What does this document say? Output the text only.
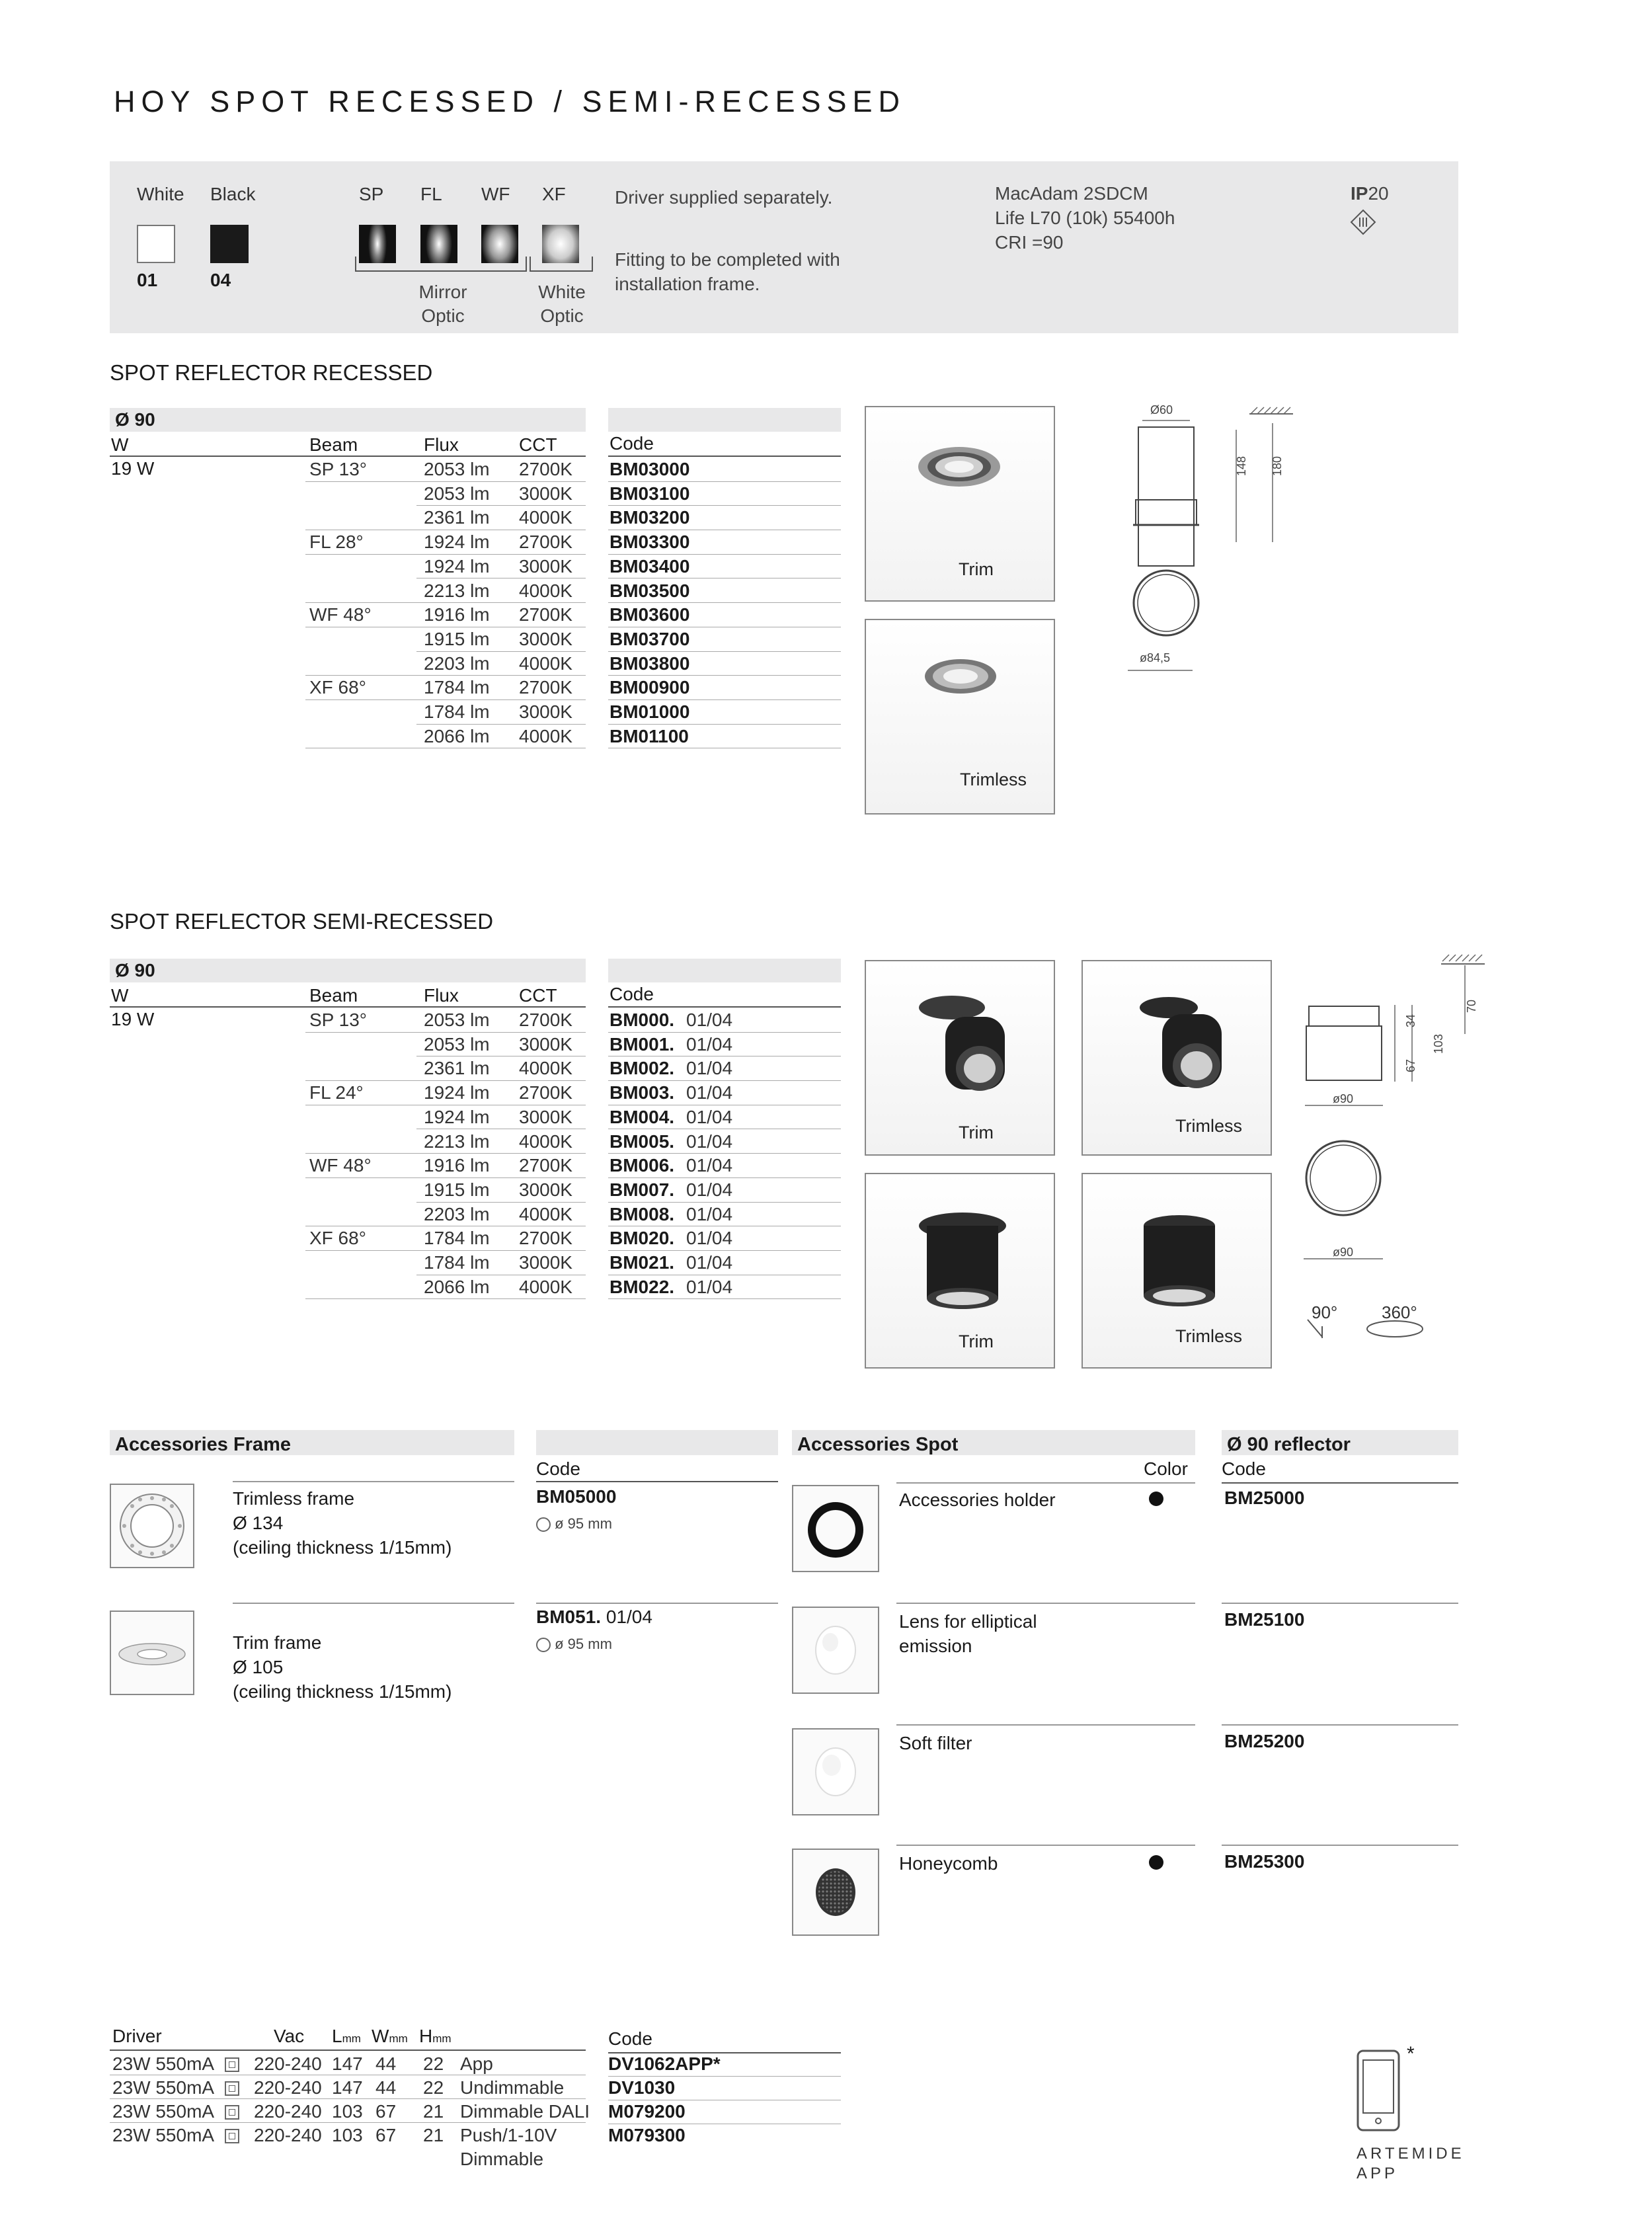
HOY SPOT RECESSED / SEMI-RECESSED
White Black
01	04
SP FL WF XF
Mirror
Optic
White
Optic
Driver supplied separately.
Fitting to be completed with
installation frame.
MacAdam 2SDCM
Life L70 (10k) 55400h
CRI =90
IP20
SPOT REFLECTOR RECESSED
Ø 90
W	Beam	Flux	CCT	Code
19 W	SP 13°	2053 lm 2700K BM03000
2053 lm 3000K BM03100
2361 lm 4000K BM03200
FL 28°	1924 lm 2700K BM03300
1924 lm 3000K BM03400
2213 lm 4000K BM03500
WF 48°	1916 lm 2700K BM03600
1915 lm 3000K BM03700
2203 lm 4000K BM03800
XF 68°	1784 lm 2700K BM00900
1784 lm 3000K BM01000
2066 lm 4000K BM01100
Trim
Trimless
Ø60
148 180
ø84,5
SPOT REFLECTOR SEMI-RECESSED
Ø 90
W	Beam	Flux	CCT	Code
19 W	SP 13°	2053 lm 2700K BM000. 01/04
2053 lm 3000K BM001. 01/04
2361 lm 4000K BM002. 01/04
FL 24°	1924 lm 2700K BM003. 01/04
1924 lm 3000K BM004. 01/04
2213 lm 4000K BM005. 01/04
WF 48°	1916 lm 2700K BM006. 01/04
1915 lm 3000K BM007. 01/04
2203 lm 4000K BM008. 01/04
XF 68°	1784 lm 2700K BM020. 01/04
1784 lm 3000K BM021. 01/04
2066 lm 4000K BM022. 01/04
Trim	Trimless
Trim	Trimless
34
67
103
70
ø90
ø90
90°	360°
Accessories Frame
Code
Trimless frame
Ø 134
(ceiling thickness 1/15mm)
BM05000
ø 95 mm
Trim frame
Ø 105
(ceiling thickness 1/15mm)
BM051. 01/04
ø 95 mm
Accessories Spot	Ø 90 reflector
Color Code
Accessories holder	BM25000
Lens for elliptical
emission
BM25100
Soft filter	BM25200
Honeycomb	BM25300
Driver	Vac Lmm Wmm Hmm	Code
23W 550mA 220-240 147 44 22 App	DV1062APP*
23W 550mA 220-240 147 44 22 Undimmable DV1030
23W 550mA 220-240 103 67 21 Dimmable DALI M079200
23W 550mA 220-240 103 67 21 Push/1-10V
Dimmable
M079300
*
ARTEMIDE
APP
